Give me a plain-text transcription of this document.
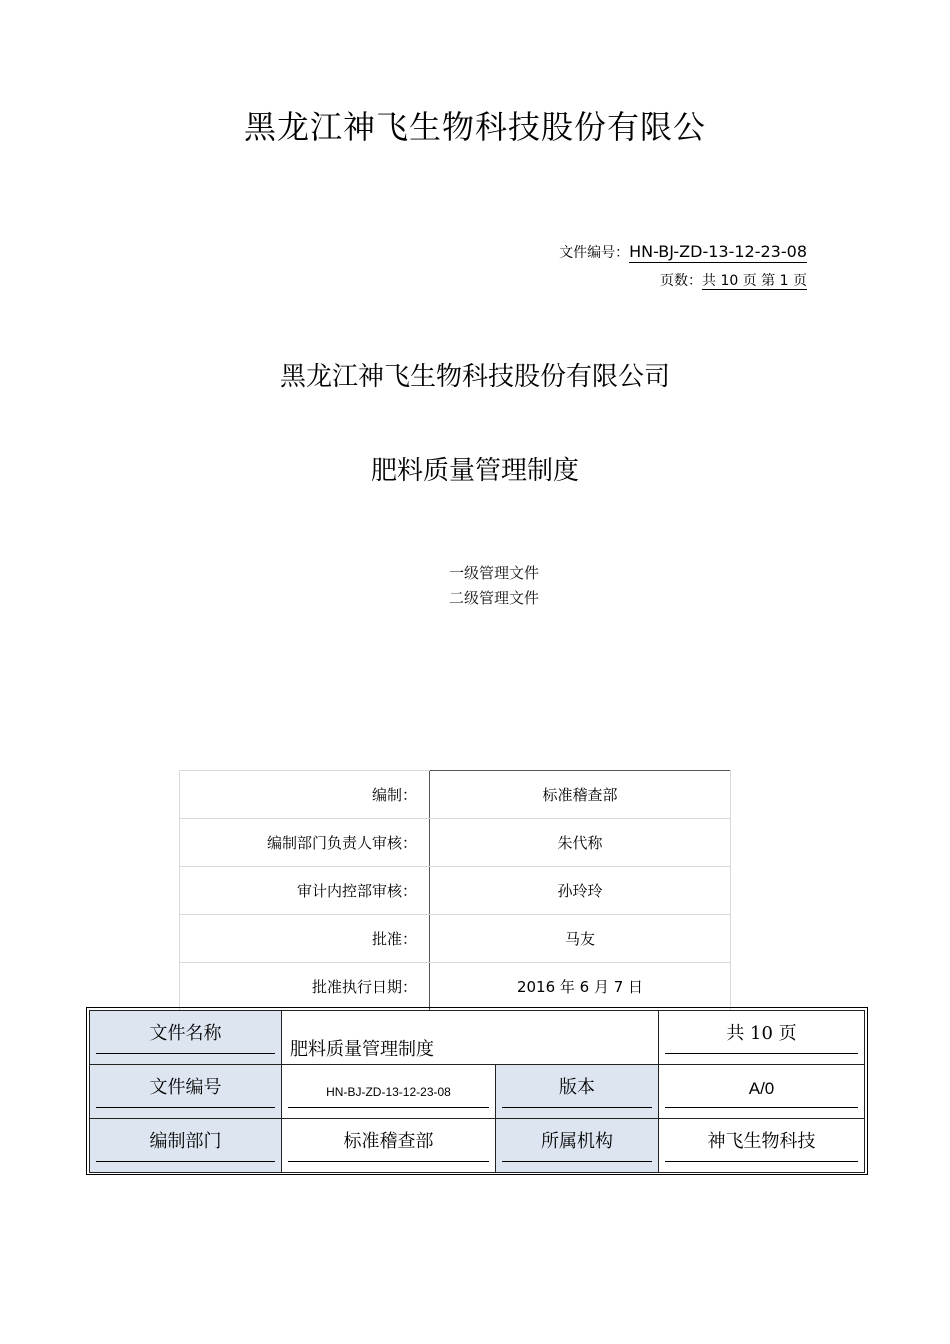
黑龙江神飞生物科技股份有限公
文件编号：HN-BJ-ZD-13-12-23-08
页数：共 10 页 第 1 页
黑龙江神飞生物科技股份有限公司
肥料质量管理制度
一级管理文件
二级管理文件
编制：	标准稽查部
编制部门负责人审核：	朱代称
审计内控部审核：	孙玲玲
批准：	马友
批准执行日期：	2016 年 6 月 7 日
文件名称	肥料质量管理制度		共 10 页

文件编号	HN-BJ-ZD-13-12-23-08	版本	A/0

编制部门	标准稽查部	所属机构	神飞生物科技
